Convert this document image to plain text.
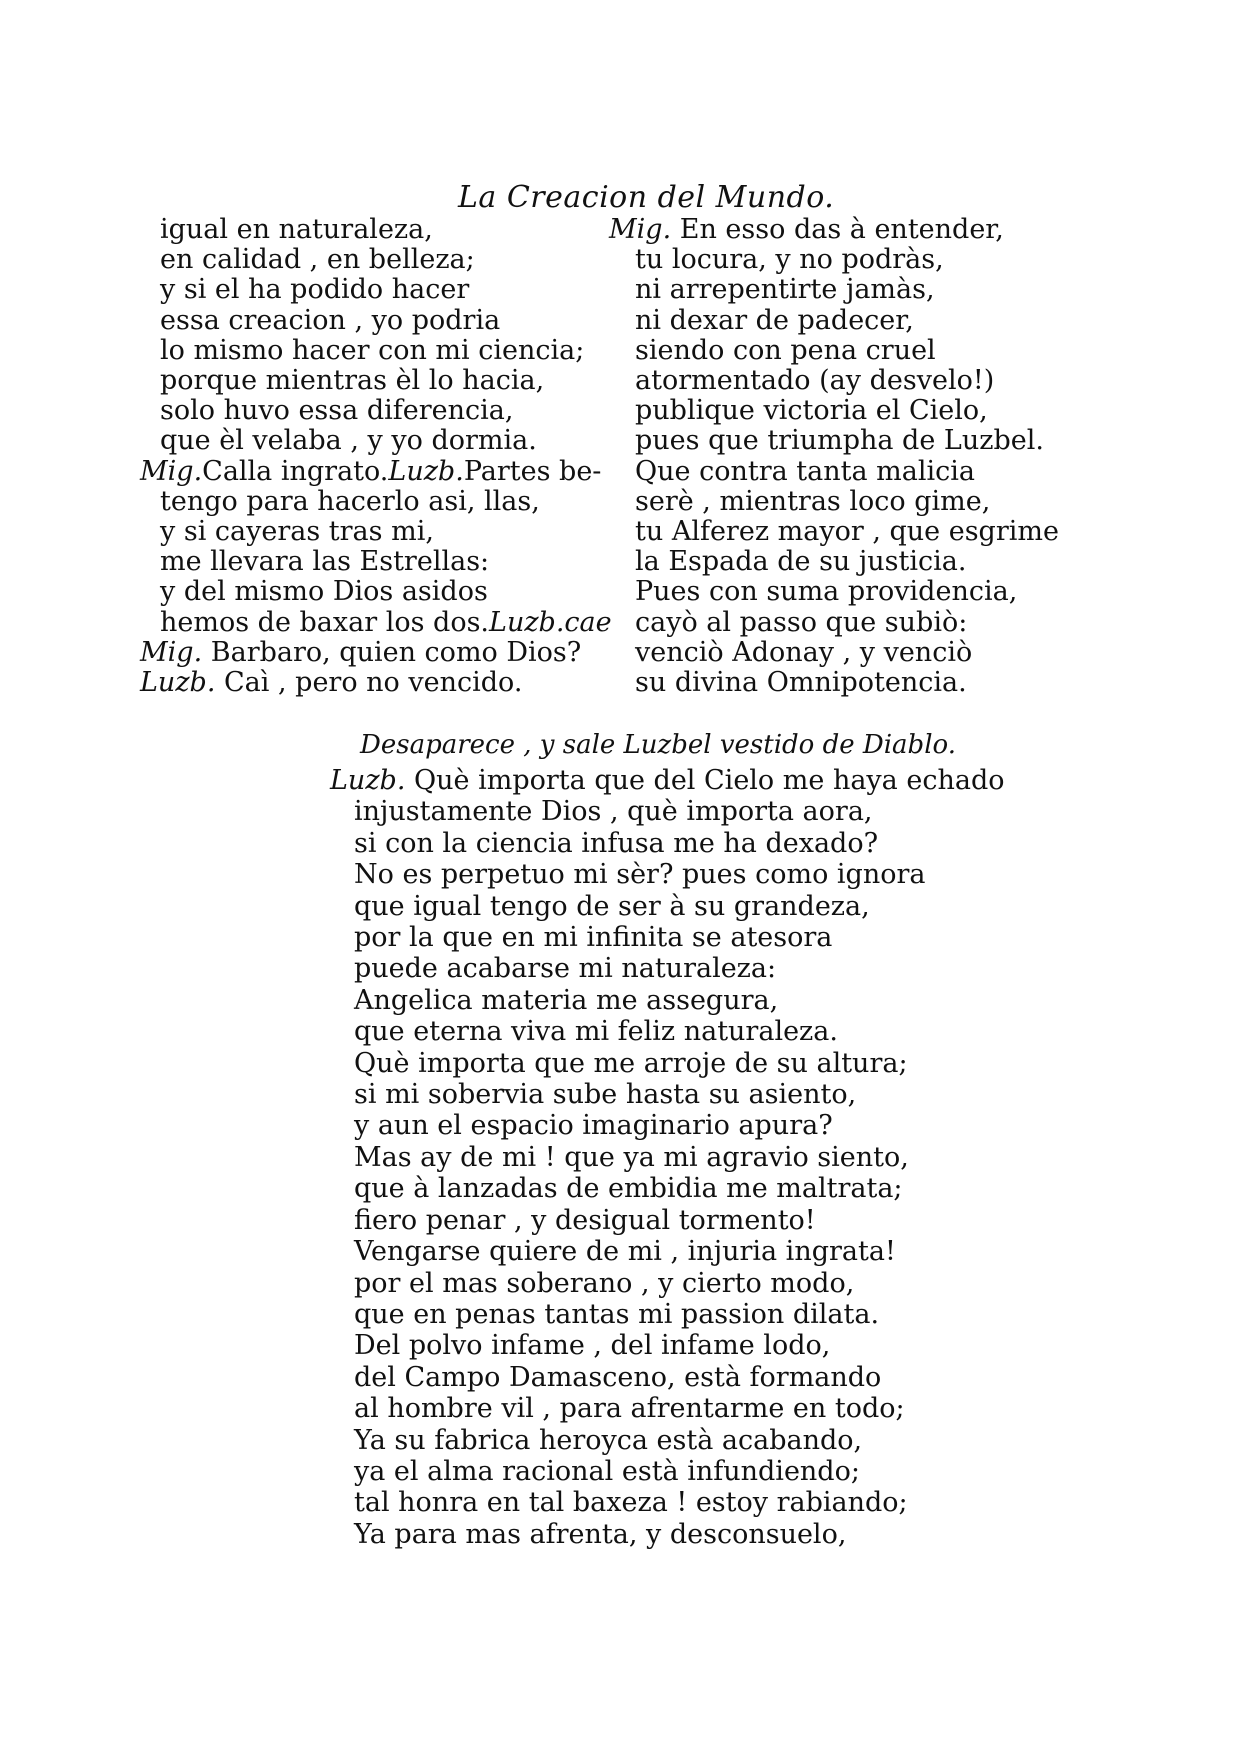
La Creacion del Mundo.
igual en naturaleza,
en calidad , en belleza;
y si el ha podido hacer
essa creacion , yo podria
lo mismo hacer con mi ciencia;
porque mientras èl lo hacia,
solo huvo essa diferencia,
que èl velaba , y yo dormia.
Mig.Calla ingrato.Luzb.Partes be-
tengo para hacerlo asi, llas,
y si cayeras tras mi,
me llevara las Estrellas:
y del mismo Dios asidos
hemos de baxar los dos.Luzb.cae
Mig. Barbaro, quien como Dios?
Luzb. Caì , pero no vencido.
Mig. En esso das à entender,
tu locura, y no podràs,
ni arrepentirte jamàs,
ni dexar de padecer,
siendo con pena cruel
atormentado (ay desvelo!)
publique victoria el Cielo,
pues que triumpha de Luzbel.
Que contra tanta malicia
serè , mientras loco gime,
tu Alferez mayor , que esgrime
la Espada de su justicia.
Pues con suma providencia,
cayò al passo que subiò:
venciò Adonay , y venciò
su divina Omnipotencia.
Desaparece , y sale Luzbel vestido de Diablo.
Luzb. Què importa que del Cielo me haya echado
injustamente Dios , què importa aora,
si con la ciencia infusa me ha dexado?
No es perpetuo mi sèr? pues como ignora
que igual tengo de ser à su grandeza,
por la que en mi infinita se atesora
puede acabarse mi naturaleza:
Angelica materia me assegura,
que eterna viva mi feliz naturaleza.
Què importa que me arroje de su altura;
si mi sobervia sube hasta su asiento,
y aun el espacio imaginario apura?
Mas ay de mi ! que ya mi agravio siento,
que à lanzadas de embidia me maltrata;
fiero penar , y desigual tormento!
Vengarse quiere de mi , injuria ingrata!
por el mas soberano , y cierto modo,
que en penas tantas mi passion dilata.
Del polvo infame , del infame lodo,
del Campo Damasceno, està formando
al hombre vil , para afrentarme en todo;
Ya su fabrica heroyca està acabando,
ya el alma racional està infundiendo;
tal honra en tal baxeza ! estoy rabiando;
Ya para mas afrenta, y desconsuelo,
